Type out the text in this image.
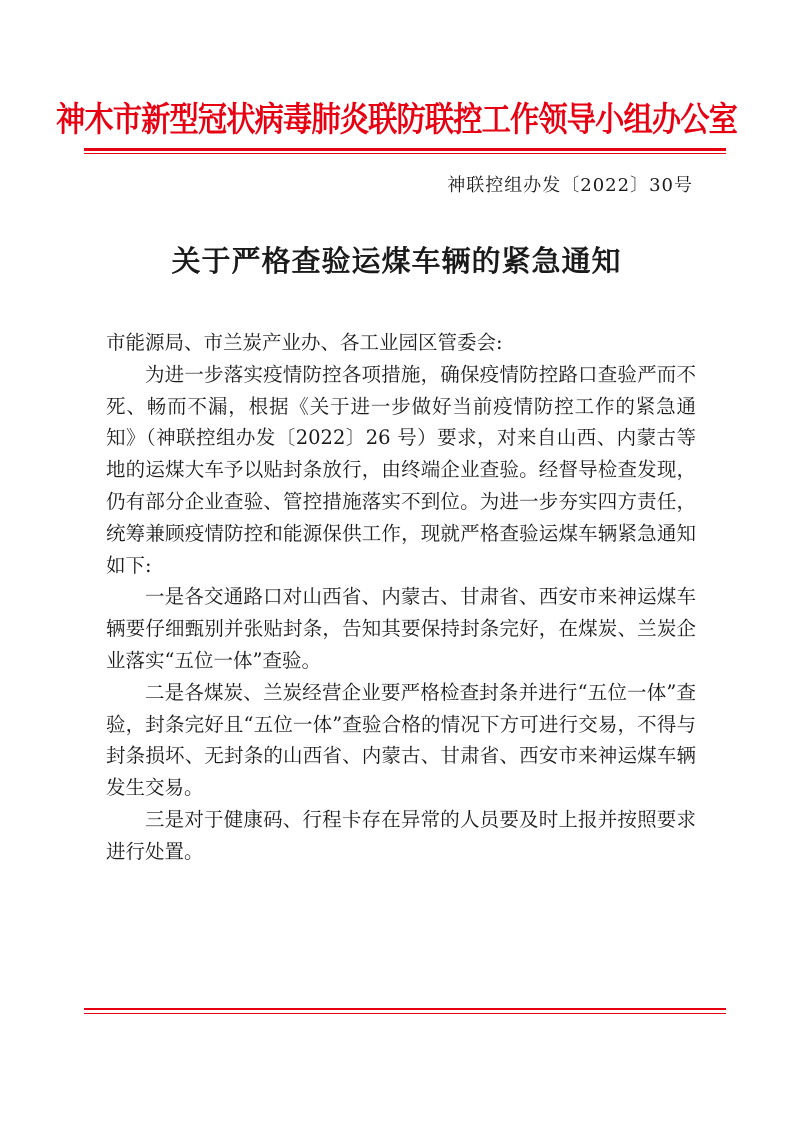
神木市新型冠状病毒肺炎联防联控工作领导小组办公室
神联控组办发〔2022〕30号
关于严格查验运煤车辆的紧急通知

市能源局、市兰炭产业办、各工业园区管委会:

为进一步落实疫情防控各项措施，确保疫情防控路口查验严而不死、畅而不漏，根据《关于进一步做好当前疫情防控工作的紧急通知》（神联控组办发〔2022〕26 号）要求，对来自山西、内蒙古等地的运煤大车予以贴封条放行，由终端企业查验。经督导检查发现，仍有部分企业查验、管控措施落实不到位。为进一步夯实四方责任，统筹兼顾疫情防控和能源保供工作，现就严格查验运煤车辆紧急通知如下:

一是各交通路口对山西省、内蒙古、甘肃省、西安市来神运煤车辆要仔细甄别并张贴封条，告知其要保持封条完好，在煤炭、兰炭企业落实“五位一体”查验。

二是各煤炭、兰炭经营企业要严格检查封条并进行“五位一体”查验，封条完好且“五位一体”查验合格的情况下方可进行交易，不得与封条损坏、无封条的山西省、内蒙古、甘肃省、西安市来神运煤车辆发生交易。

三是对于健康码、行程卡存在异常的人员要及时上报并按照要求进行处置。
